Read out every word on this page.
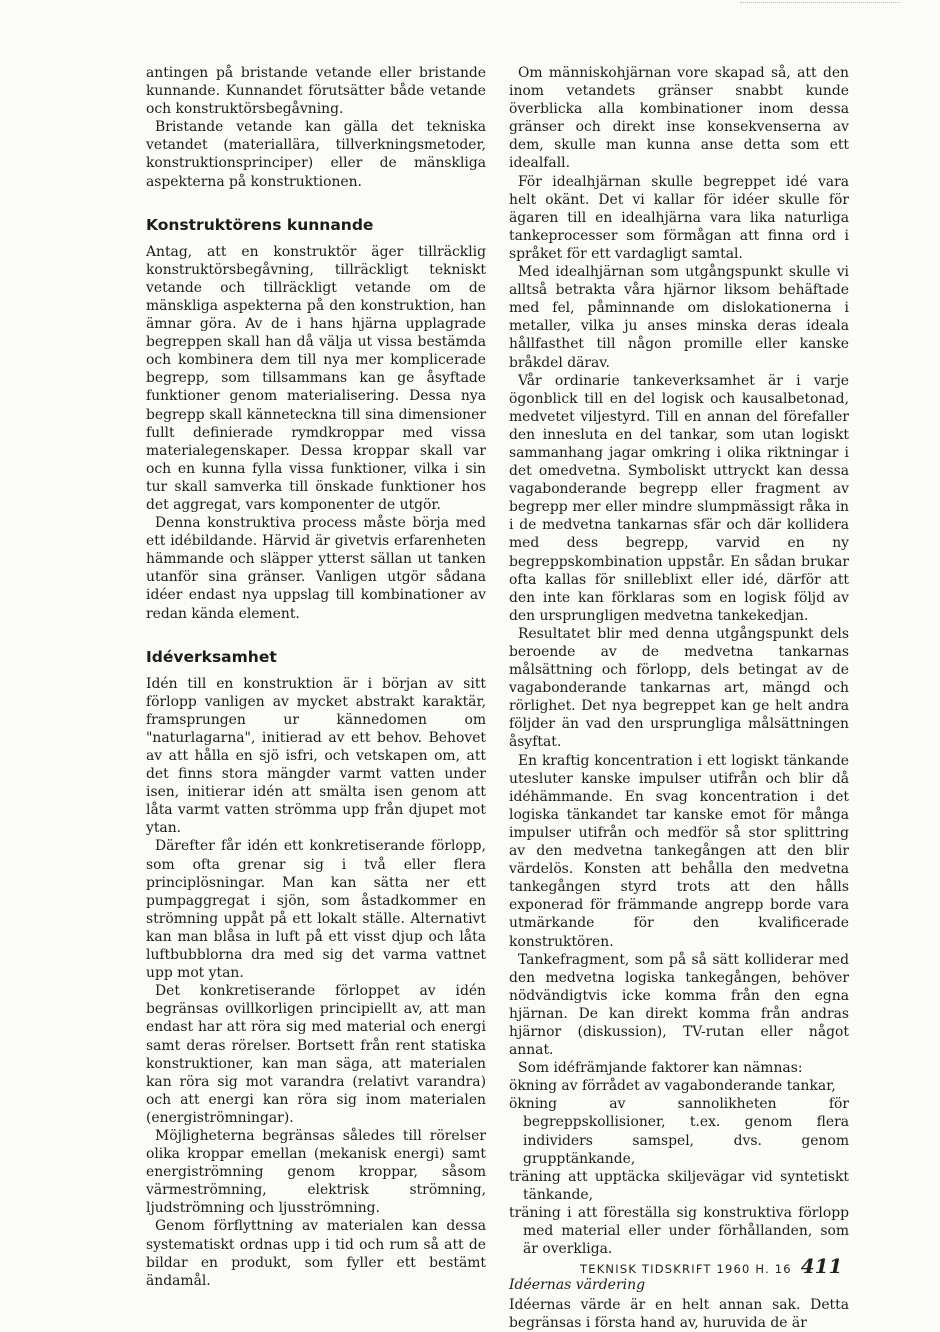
antingen på bristande vetande eller bristande kunnande. Kunnandet förutsätter både vetande och konstruktörsbegåvning.

Bristande vetande kan gälla det tekniska vetandet (materiallära, tillverkningsmetoder, konstruktionsprinciper) eller de mänskliga aspekterna på konstruktionen.

Konstruktörens kunnande

Antag, att en konstruktör äger tillräcklig konstruktörsbegåvning, tillräckligt tekniskt vetande och tillräckligt vetande om de mänskliga aspekterna på den konstruktion, han ämnar göra. Av de i hans hjärna upplagrade begreppen skall han då välja ut vissa bestämda och kombinera dem till nya mer komplicerade begrepp, som tillsammans kan ge åsyftade funktioner genom materialisering. Dessa nya begrepp skall känneteckna till sina dimensioner fullt definierade rymdkroppar med vissa materialegenskaper. Dessa kroppar skall var och en kunna fylla vissa funktioner, vilka i sin tur skall samverka till önskade funktioner hos det aggregat, vars komponenter de utgör.

Denna konstruktiva process måste börja med ett idébildande. Härvid är givetvis erfarenheten hämmande och släpper ytterst sällan ut tanken utanför sina gränser. Vanligen utgör sådana idéer endast nya uppslag till kombinationer av redan kända element.

Idéverksamhet

Idén till en konstruktion är i början av sitt förlopp vanligen av mycket abstrakt karaktär, framsprungen ur kännedomen om "naturlagarna", initierad av ett behov. Behovet av att hålla en sjö isfri, och vetskapen om, att det finns stora mängder varmt vatten under isen, initierar idén att smälta isen genom att låta varmt vatten strömma upp från djupet mot ytan.

Därefter får idén ett konkretiserande förlopp, som ofta grenar sig i två eller flera principlösningar. Man kan sätta ner ett pumpaggregat i sjön, som åstadkommer en strömning uppåt på ett lokalt ställe. Alternativt kan man blåsa in luft på ett visst djup och låta luftbubblorna dra med sig det varma vattnet upp mot ytan.

Det konkretiserande förloppet av idén begränsas ovillkorligen principiellt av, att man endast har att röra sig med material och energi samt deras rörelser. Bortsett från rent statiska konstruktioner, kan man säga, att materialen kan röra sig mot varandra (relativt varandra) och att energi kan röra sig inom materialen (energiströmningar).

Möjligheterna begränsas således till rörelser olika kroppar emellan (mekanisk energi) samt energiströmning genom kroppar, såsom värmeströmning, elektrisk strömning, ljudströmning och ljusströmning.

Genom förflyttning av materialen kan dessa systematiskt ordnas upp i tid och rum så att de bildar en produkt, som fyller ett bestämt ändamål.

Om människohjärnan vore skapad så, att den inom vetandets gränser snabbt kunde överblicka alla kombinationer inom dessa gränser och direkt inse konsekvenserna av dem, skulle man kunna anse detta som ett idealfall.

För idealhjärnan skulle begreppet idé vara helt okänt. Det vi kallar för idéer skulle för ägaren till en idealhjärna vara lika naturliga tankeprocesser som förmågan att finna ord i språket för ett vardagligt samtal.

Med idealhjärnan som utgångspunkt skulle vi alltså betrakta våra hjärnor liksom behäftade med fel, påminnande om dislokationerna i metaller, vilka ju anses minska deras ideala hållfasthet till någon promille eller kanske bråkdel därav.

Vår ordinarie tankeverksamhet är i varje ögonblick till en del logisk och kausalbetonad, medvetet viljestyrd. Till en annan del förefaller den innesluta en del tankar, som utan logiskt sammanhang jagar omkring i olika riktningar i det omedvetna. Symboliskt uttryckt kan dessa vagabonderande begrepp eller fragment av begrepp mer eller mindre slumpmässigt råka in i de medvetna tankarnas sfär och där kollidera med dess begrepp, varvid en ny begreppskombination uppstår. En sådan brukar ofta kallas för snilleblixt eller idé, därför att den inte kan förklaras som en logisk följd av den ursprungligen medvetna tankekedjan.

Resultatet blir med denna utgångspunkt dels beroende av de medvetna tankarnas målsättning och förlopp, dels betingat av de vagabonderande tankarnas art, mängd och rörlighet. Det nya begreppet kan ge helt andra följder än vad den ursprungliga målsättningen åsyftat.

En kraftig koncentration i ett logiskt tänkande utesluter kanske impulser utifrån och blir då idéhämmande. En svag koncentration i det logiska tänkandet tar kanske emot för många impulser utifrån och medför så stor splittring av den medvetna tankegången att den blir värdelös. Konsten att behålla den medvetna tankegången styrd trots att den hålls exponerad för främmande angrepp borde vara utmärkande för den kvalificerade konstruktören.

Tankefragment, som på så sätt kolliderar med den medvetna logiska tankegången, behöver nödvändigtvis icke komma från den egna hjärnan. De kan direkt komma från andras hjärnor (diskussion), TV-rutan eller något annat.

Som idéfrämjande faktorer kan nämnas:

ökning av förrådet av vagabonderande tankar,
ökning av sannolikheten för begreppskollisioner, t.ex. genom flera individers samspel, dvs. genom grupptänkande,
träning att upptäcka skiljevägar vid syntetiskt tänkande,
träning i att föreställa sig konstruktiva förlopp med material eller under förhållanden, som är overkliga.
Idéernas värdering

Idéernas värde är en helt annan sak. Detta begränsas i första hand av, huruvida de är

TEKNISK TIDSKRIFT 1960 H. 16 411
